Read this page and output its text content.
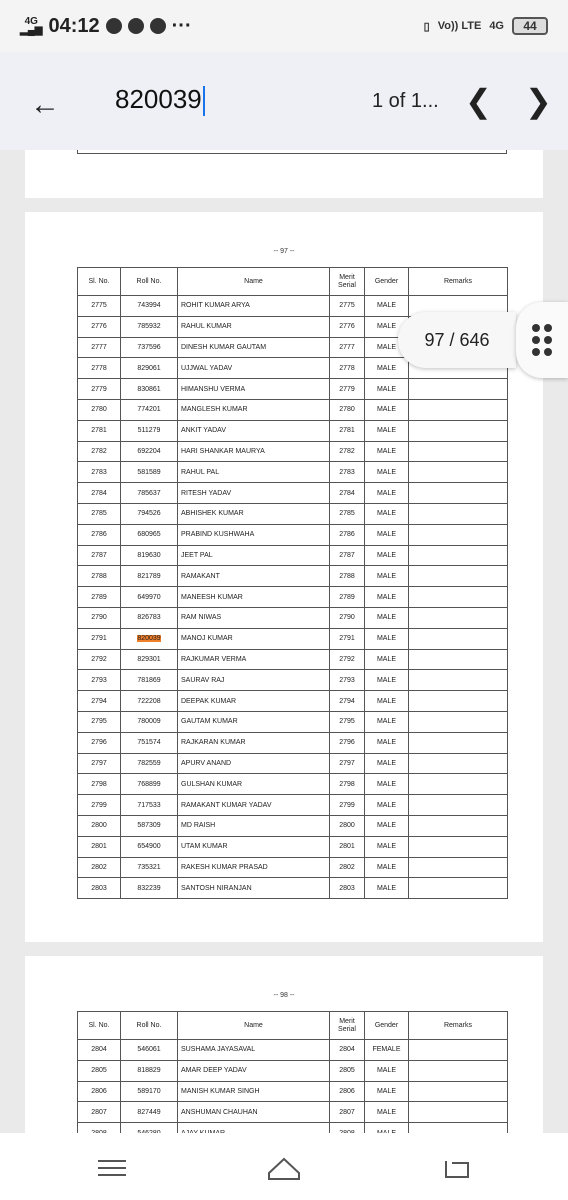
4G
▂▄▆ 04:12	···	▯ Vo)) LTE 4G 44
← 820039	1 of 1... ❮ ❯
-- 97 --
Sl. No.	Roll No.	Name	Merit Serial	Gender	Remarks
2775	743994	ROHIT KUMAR ARYA	2775	MALE	
2776	785932	RAHUL KUMAR	2776	MALE	
2777	737596	DINESH KUMAR GAUTAM	2777	MALE	
2778	829061	UJJWAL YADAV	2778	MALE	
2779	830861	HIMANSHU VERMA	2779	MALE	
2780	774201	MANGLESH KUMAR	2780	MALE	
2781	511279	ANKIT YADAV	2781	MALE	
2782	692204	HARI SHANKAR MAURYA	2782	MALE	
2783	581589	RAHUL PAL	2783	MALE	
2784	785637	RITESH YADAV	2784	MALE	
2785	794526	ABHISHEK KUMAR	2785	MALE	
2786	680965	PRABIND KUSHWAHA	2786	MALE	
2787	819630	JEET PAL	2787	MALE	
2788	821789	RAMAKANT	2788	MALE	
2789	649970	MANEESH KUMAR	2789	MALE	
2790	826783	RAM NIWAS	2790	MALE	
2791	820039	MANOJ KUMAR	2791	MALE	
2792	829301	RAJKUMAR VERMA	2792	MALE	
2793	781869	SAURAV RAJ	2793	MALE	
2794	722208	DEEPAK KUMAR	2794	MALE	
2795	780009	GAUTAM KUMAR	2795	MALE	
2796	751574	RAJKARAN KUMAR	2796	MALE	
2797	782559	APURV ANAND	2797	MALE	
2798	768899	GULSHAN KUMAR	2798	MALE	
2799	717533	RAMAKANT KUMAR YADAV	2799	MALE	
2800	587309	MD RAISH	2800	MALE	
2801	654900	UTAM KUMAR	2801	MALE	
2802	735321	RAKESH KUMAR PRASAD	2802	MALE	
2803	832239	SANTOSH NIRANJAN	2803	MALE	
-- 98 --
Sl. No.	Roll No.	Name	Merit Serial	Gender	Remarks
2804	546061	SUSHAMA JAYASAVAL	2804	FEMALE	
2805	818829	AMAR DEEP YADAV	2805	MALE	
2806	589170	MANISH KUMAR SINGH	2806	MALE	
2807	827449	ANSHUMAN CHAUHAN	2807	MALE	

97 / 646
